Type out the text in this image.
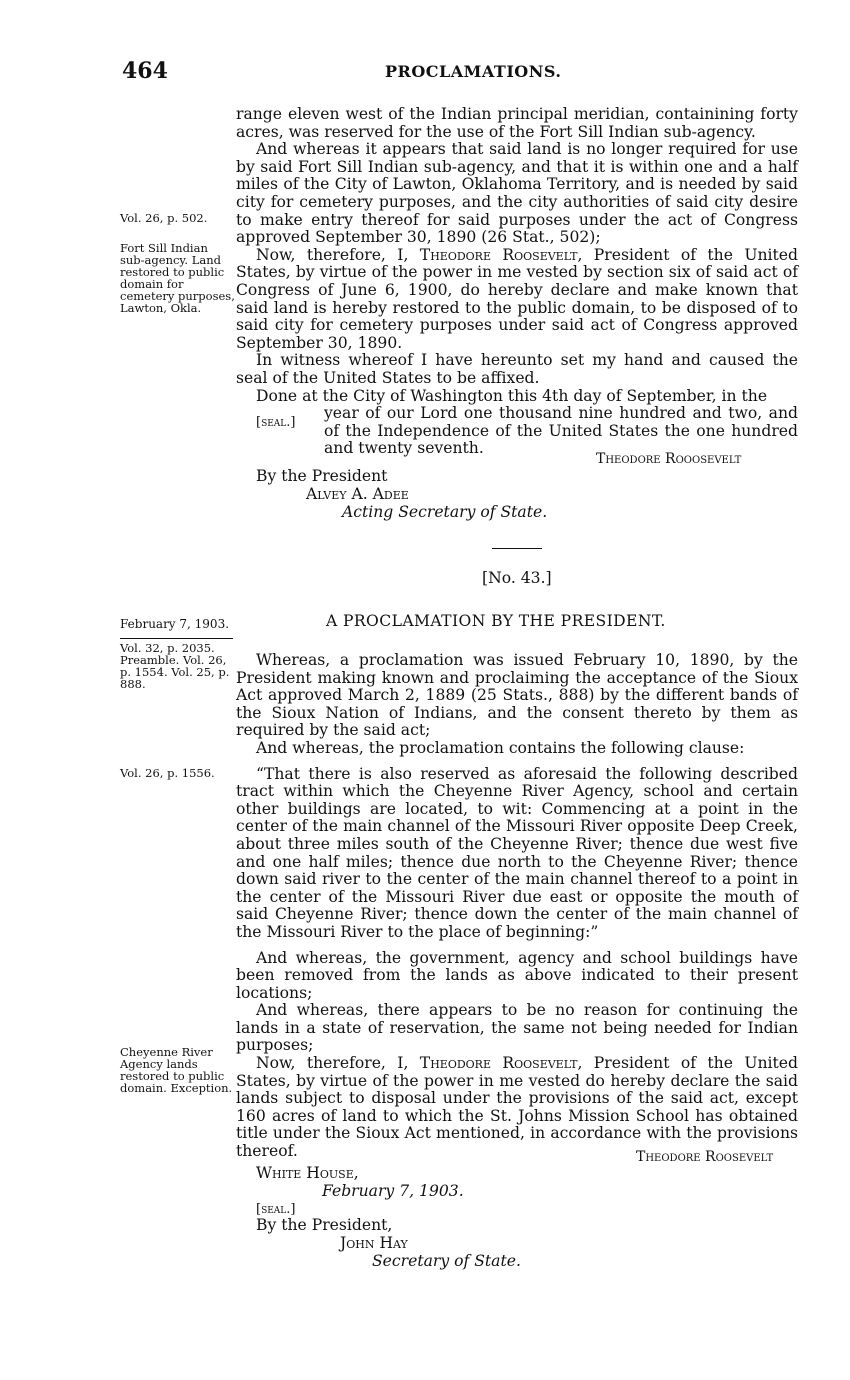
464	PROCLAMATIONS.

range eleven west of the Indian principal meridian, containining forty acres, was reserved for the use of the Fort Sill Indian sub-agency.

And whereas it appears that said land is no longer required for use by said Fort Sill Indian sub-agency, and that it is within one and a half miles of the City of Lawton, Oklahoma Territory, and is needed by said city for cemetery purposes, and the city authorities of said city desire to make entry thereof for said purposes under the act of Congress approved September 30, 1890 (26 Stat., 502);

Now, therefore, I, Theodore Roosevelt, President of the United States, by virtue of the power in me vested by section six of said act of Congress of June 6, 1900, do hereby declare and make known that said land is hereby restored to the public domain, to be disposed of to said city for cemetery purposes under said act of Congress approved September 30, 1890.

In witness whereof I have hereunto set my hand and caused the seal of the United States to be affixed.

Done at the City of Washington this 4th day of September, in the

year of our Lord one thousand nine hundred and two, and of the Independence of the United States the one hundred and twenty seventh.

[seal.]
Theodore Rooosevelt
By the President
Alvey A. Adee
Acting Secretary of State.
Vol. 26, p. 502.
Fort Sill Indian sub-agency. Land restored to public domain for cemetery purposes, Lawton, Okla.
[No. 43.]
February 7, 1903.	A PROCLAMATION BY THE PRESIDENT.
Vol. 32, p. 2035. Preamble. Vol. 26, p. 1554. Vol. 25, p. 888.

Whereas, a proclamation was issued February 10, 1890, by the President making known and proclaiming the acceptance of the Sioux Act approved March 2, 1889 (25 Stats., 888) by the different bands of the Sioux Nation of Indians, and the consent thereto by them as required by the said act;

And whereas, the proclamation contains the following clause:

“That there is also reserved as aforesaid the following described tract within which the Cheyenne River Agency, school and certain other buildings are located, to wit: Commencing at a point in the center of the main channel of the Missouri River opposite Deep Creek, about three miles south of the Cheyenne River; thence due west five and one half miles; thence due north to the Cheyenne River; thence down said river to the center of the main channel thereof to a point in the center of the Missouri River due east or opposite the mouth of said Cheyenne River; thence down the center of the main channel of the Missouri River to the place of beginning:”

And whereas, the government, agency and school buildings have been removed from the lands as above indicated to their present locations;

And whereas, there appears to be no reason for continuing the lands in a state of reservation, the same not being needed for Indian purposes;

Now, therefore, I, Theodore Roosevelt, President of the United States, by virtue of the power in me vested do hereby declare the said lands subject to disposal under the provisions of the said act, except 160 acres of land to which the St. Johns Mission School has obtained title under the Sioux Act mentioned, in accordance with the provisions thereof.

Vol. 26, p. 1556.
Cheyenne River Agency lands restored to public domain. Exception.
Theodore Roosevelt
White House,
February 7, 1903.
[seal.]
By the President,
John Hay
Secretary of State.
